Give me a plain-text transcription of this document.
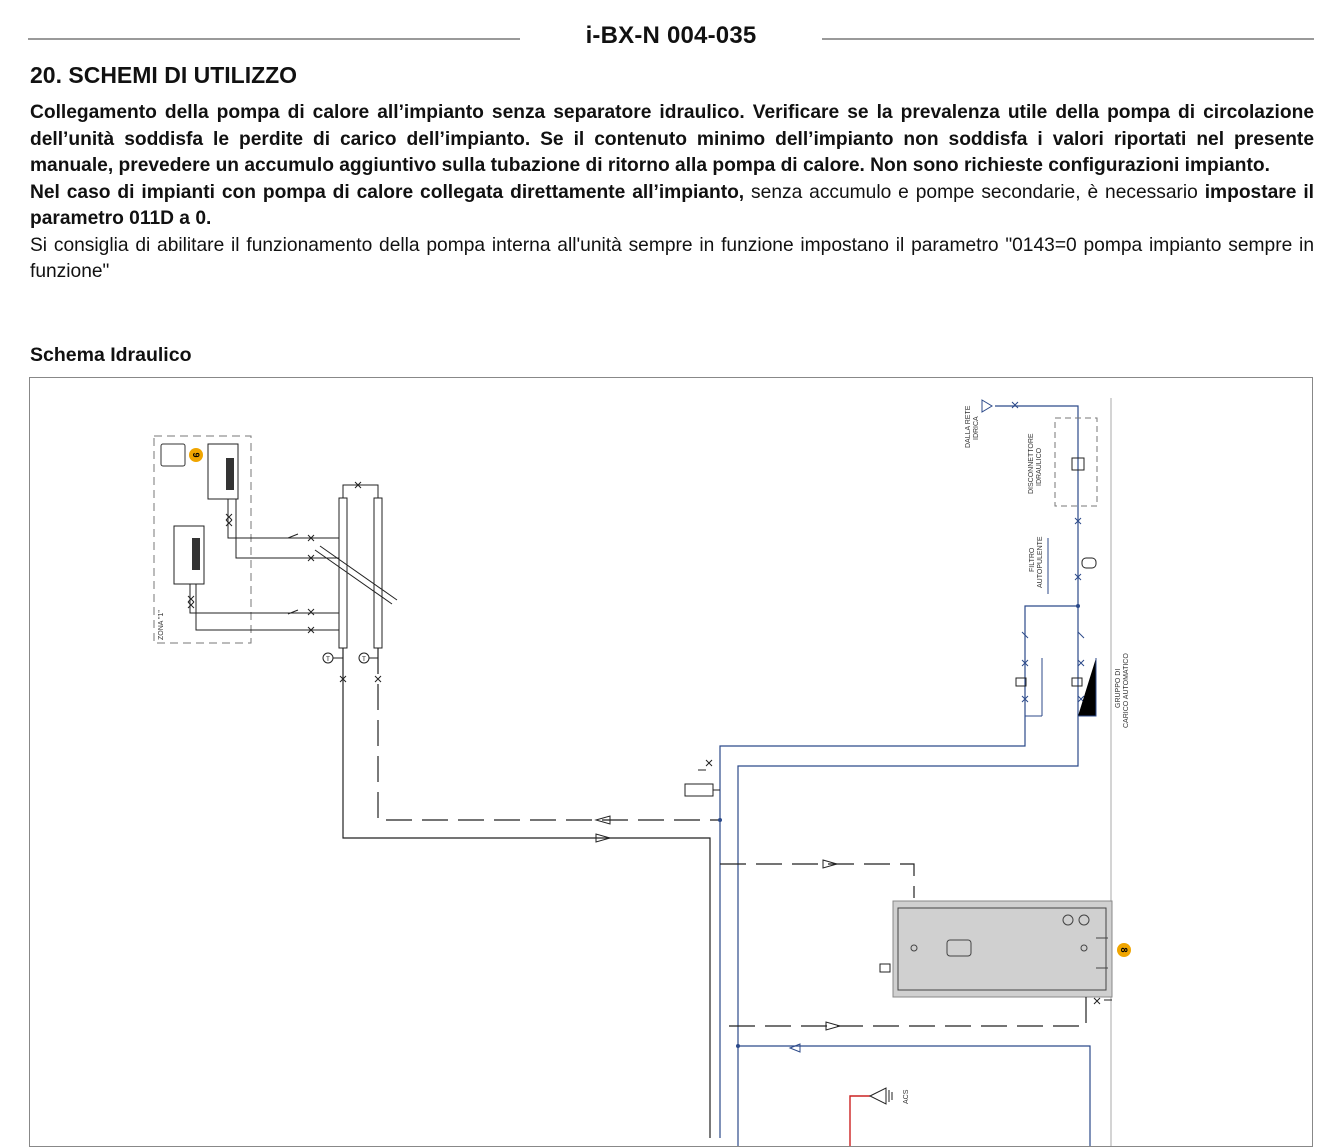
i-BX-N 004-035
20. SCHEMI DI UTILIZZO

Collegamento della pompa di calore all’impianto senza separatore idraulico. Verificare se la prevalenza utile della pompa di circolazione dell’unità soddisfa le perdite di carico dell’impianto. Se il contenuto minimo dell’impianto non soddisfa i valori riportati nel presente manuale, prevedere un accumulo aggiuntivo sulla tubazione di ritorno alla pompa di calore. Non sono richieste configurazioni impianto.

Nel caso di impianti con pompa di calore collegata direttamente all’impianto, senza accumulo e pompe secondarie, è necessario impostare il parametro 011D a 0.

Si consiglia di abilitare il funzionamento della pompa interna all'unità sempre in funzione impostano il parametro "0143=0 pompa impianto sempre in funzione"

Schema Idraulico
ZONA "1"
9
T	T
DALLA RETE IDRICA
DISCONNETTORE IDRAULICO
FILTRO AUTOPULENTE
GRUPPO DI CARICO AUTOMATICO
8
ACS
